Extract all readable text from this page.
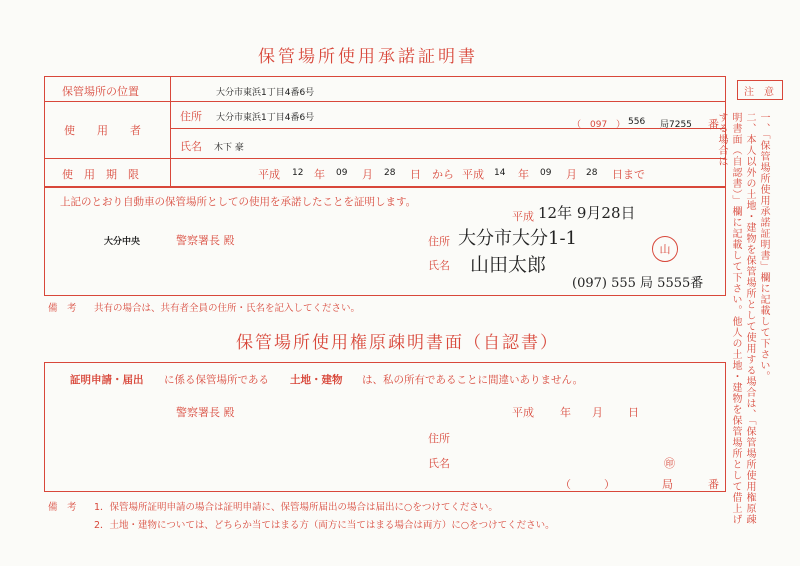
保管場所使用承諾証明書
保管場所の位置	大分市東浜1丁目4番6号
使　　用　　者
住所 大分市東浜1丁目4番6号
（　097　） 556 局7255 番
氏名 木下 豪
使　用　期　限	平成 12 年 09 月 28 日 から 平成 14 年 09 月 28 日まで
上記のとおり自動車の保管場所としての使用を承諾したことを証明します。
平成 12年 9月28日
大分中央	警察署長 殿	住所 大分市大分1-1
氏名 山田太郎
(097) 555 局 5555番
山
備　考 共有の場合は、共有者全員の住所・氏名を記入してください。
保管場所使用権原疎明書面（自認書）
証明申請・届出 に係る保管場所である 土地・建物 は、私の所有であることに間違いありません。
警察署長 殿	平成 年 月 日
住所
氏名	㊞
（　　　）	局	番
備　考 1．保管場所証明申請の場合は証明申請に、保管場所届出の場合は届出に○をつけてください。
2．土地・建物については、どちらか当てはまる方（両方に当てはまる場合は両方）に○をつけてください。
注　意
一、「保管場所使用承諾証明書」欄に記載して下さい。
二、本人以外の土地・建物を保管場所として使用する場合は、「保管場所使用権原疎明書面（自認書）」欄に記載して下さい。他人の土地・建物を保管場所として借上げする場合は
